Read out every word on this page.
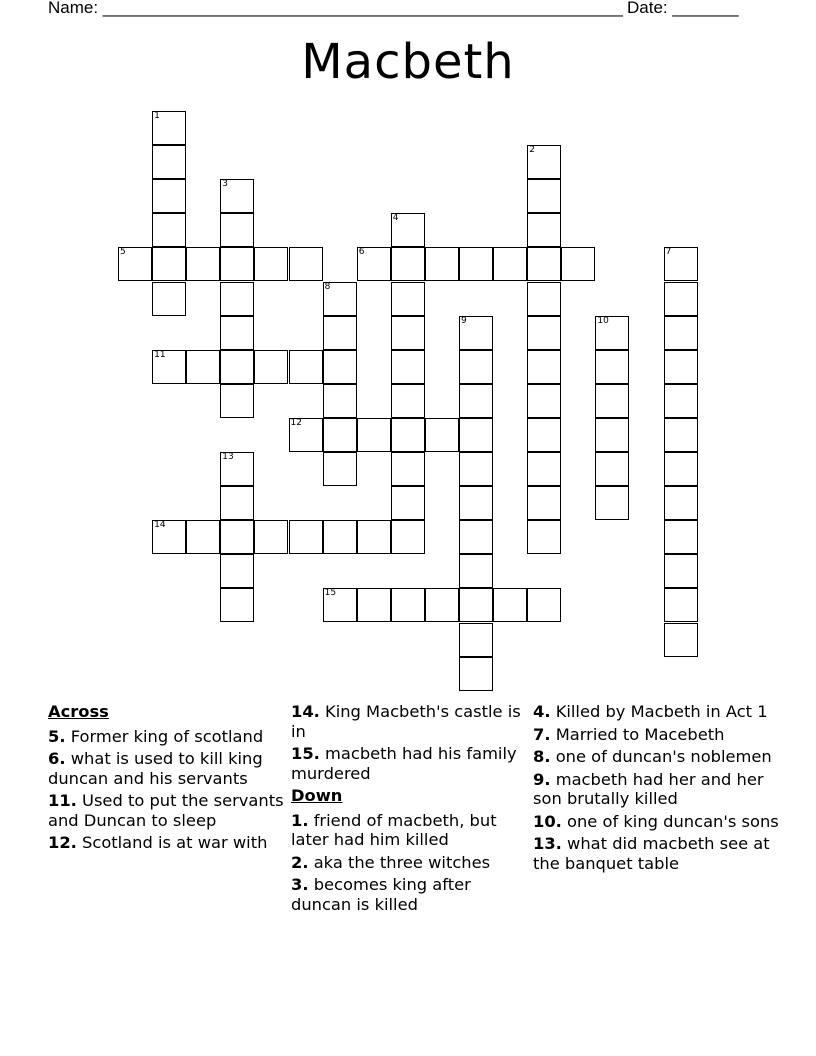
Name: _______________________________________________________ Date: _______
Macbeth
1
2
3
4
5	6	7
8
9	10
11
12
13
14
15
Across
5. Former king of scotland
6. what is used to kill king duncan and his servants
11. Used to put the servants and Duncan to sleep
12. Scotland is at war with
14. King Macbeth's castle is in
15. macbeth had his family murdered
Down
1. friend of macbeth, but later had him killed
2. aka the three witches
3. becomes king after duncan is killed
4. Killed by Macbeth in Act 1
7. Married to Macebeth
8. one of duncan's noblemen
9. macbeth had her and her son brutally killed
10. one of king duncan's sons
13. what did macbeth see at the banquet table
